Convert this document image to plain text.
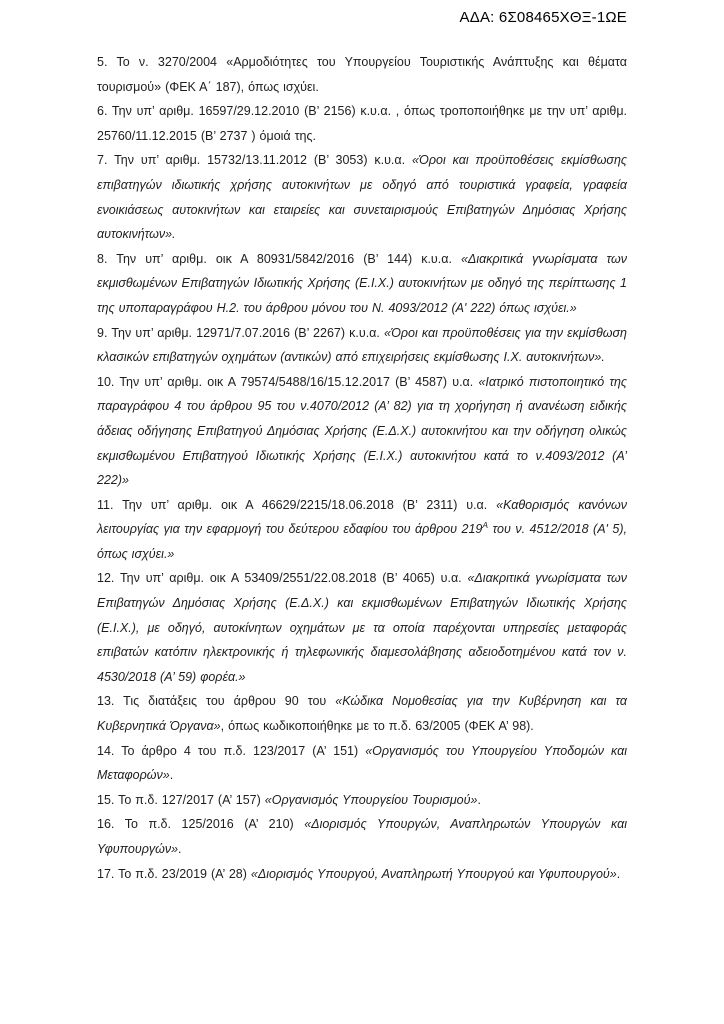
ΑΔΑ: 6Σ08465ΧΘΞ-1ΩΕ

5. Το ν. 3270/2004 «Αρμοδιότητες του Υπουργείου Τουριστικής Ανάπτυξης και θέματα τουρισμού» (ΦΕΚ Α΄ 187), όπως ισχύει.

6. Την υπ’ αριθμ. 16597/29.12.2010 (Β’ 2156) κ.υ.α. , όπως τροποποιήθηκε με την υπ’ αριθμ. 25760/11.12.2015 (Β’ 2737 ) όμοιά της.

7. Την υπ’ αριθμ. 15732/13.11.2012 (Β’ 3053) κ.υ.α. «Όροι και προϋποθέσεις εκμίσθωσης επιβατηγών ιδιωτικής χρήσης αυτοκινήτων με οδηγό από τουριστικά γραφεία, γραφεία ενοικιάσεως αυτοκινήτων και εταιρείες και συνεταιρισμούς Επιβατηγών Δημόσιας Χρήσης αυτοκινήτων».

8. Την υπ’ αριθμ. οικ Α 80931/5842/2016 (Β’ 144) κ.υ.α. «Διακριτικά γνωρίσματα των εκμισθωμένων Επιβατηγών Ιδιωτικής Χρήσης (Ε.Ι.Χ.) αυτοκινήτων με οδηγό της περίπτωσης 1 της υποπαραγράφου Η.2. του άρθρου μόνου του Ν. 4093/2012 (Α' 222) όπως ισχύει.»

9. Την υπ’ αριθμ. 12971/7.07.2016 (Β’ 2267) κ.υ.α. «Όροι και προϋποθέσεις για την εκμίσθωση κλασικών επιβατηγών οχημάτων (αντικών) από επιχειρήσεις εκμίσθωσης Ι.Χ. αυτοκινήτων».

10. Την υπ’ αριθμ. οικ Α 79574/5488/16/15.12.2017 (Β’ 4587) υ.α. «Ιατρικό πιστοποιητικό της παραγράφου 4 του άρθρου 95 του ν.4070/2012 (Α’ 82) για τη χορήγηση ή ανανέωση ειδικής άδειας οδήγησης Επιβατηγού Δημόσιας Χρήσης (Ε.Δ.Χ.) αυτοκινήτου και την οδήγηση ολικώς εκμισθωμένου Επιβατηγού Ιδιωτικής Χρήσης (Ε.Ι.Χ.) αυτοκινήτου κατά το ν.4093/2012 (Α’ 222)»

11. Την υπ’ αριθμ. οικ Α 46629/2215/18.06.2018 (Β’ 2311) υ.α. «Καθορισμός κανόνων λειτουργίας για την εφαρμογή του δεύτερου εδαφίου του άρθρου $219^A$ του ν. 4512/2018 (Α' 5), όπως ισχύει.»

12. Την υπ’ αριθμ. οικ Α 53409/2551/22.08.2018 (Β’ 4065) υ.α. «Διακριτικά γνωρίσματα των Επιβατηγών Δημόσιας Χρήσης (Ε.Δ.Χ.) και εκμισθωμένων Επιβατηγών Ιδιωτικής Χρήσης (Ε.Ι.Χ.), με οδηγό, αυτοκίνητων οχημάτων με τα οποία παρέχονται υπηρεσίες μεταφοράς επιβατών κατόπιν ηλεκτρονικής ή τηλεφωνικής διαμεσολάβησης αδειοδοτημένου κατά τον ν. 4530/2018 (Α’ 59) φορέα.»

13. Τις διατάξεις του άρθρου 90 του «Κώδικα Νομοθεσίας για την Κυβέρνηση και τα Κυβερνητικά Όργανα», όπως κωδικοποιήθηκε με το π.δ. 63/2005 (ΦΕΚ Α’ 98).

14. Το άρθρο 4 του π.δ. 123/2017 (Α’ 151) «Οργανισμός του Υπουργείου Υποδομών και Μεταφορών».

15. Το π.δ. 127/2017 (Α’ 157) «Οργανισμός Υπουργείου Τουρισμού».

16. Το π.δ. 125/2016 (Α’ 210) «Διορισμός Υπουργών, Αναπληρωτών Υπουργών και Υφυπουργών».

17. Το π.δ. 23/2019 (Α’ 28) «Διορισμός Υπουργού, Αναπληρωτή Υπουργού και Υφυπουργού».
